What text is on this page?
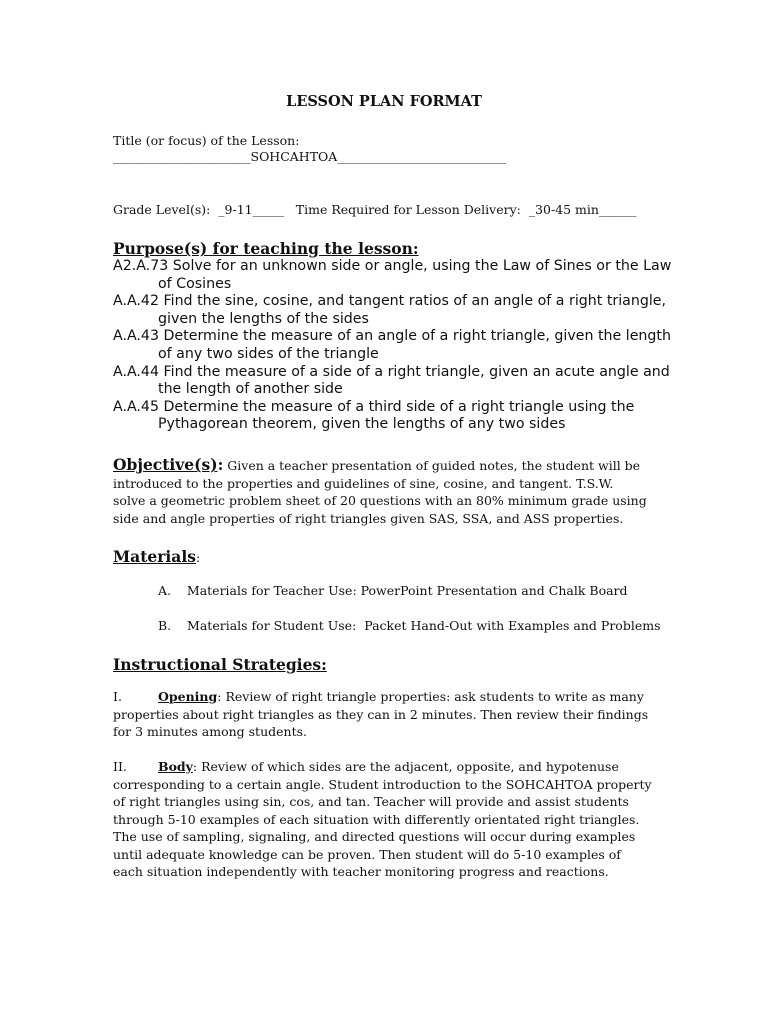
LESSON PLAN FORMAT
Title (or focus) of the Lesson:
______________________SOHCAHTOA___________________________
Grade Level(s):  _9-11_____   Time Required for Lesson Delivery:  _30-45 min______
Purpose(s) for teaching the lesson:
A2.A.73 Solve for an unknown side or angle, using the Law of Sines or the Law of Cosines
A.A.42 Find the sine, cosine, and tangent ratios of an angle of a right triangle, given the lengths of the sides
A.A.43 Determine the measure of an angle of a right triangle, given the length of any two sides of the triangle
A.A.44 Find the measure of a side of a right triangle, given an acute angle and the length of another side
A.A.45 Determine the measure of a third side of a right triangle using the Pythagorean theorem, given the lengths of any two sides
Objective(s): Given a teacher presentation of guided notes, the student will be introduced to the properties and guidelines of sine, cosine, and tangent. T.S.W. solve a geometric problem sheet of 20 questions with an 80% minimum grade using side and angle properties of right triangles given SAS, SSA, and ASS properties.
Materials:
A.    Materials for Teacher Use: PowerPoint Presentation and Chalk Board
B.    Materials for Student Use:  Packet Hand-Out with Examples and Problems
Instructional Strategies:
I.	Opening: Review of right triangle properties: ask students to write as many properties about right triangles as they can in 2 minutes. Then review their findings for 3 minutes among students.
II. Body: Review of which sides are the adjacent, opposite, and hypotenuse corresponding to a certain angle. Student introduction to the SOHCAHTOA property of right triangles using sin, cos, and tan. Teacher will provide and assist students through 5-10 examples of each situation with differently orientated right triangles. The use of sampling, signaling, and directed questions will occur during examples until adequate knowledge can be proven. Then student will do 5-10 examples of each situation independently with teacher monitoring progress and reactions.
